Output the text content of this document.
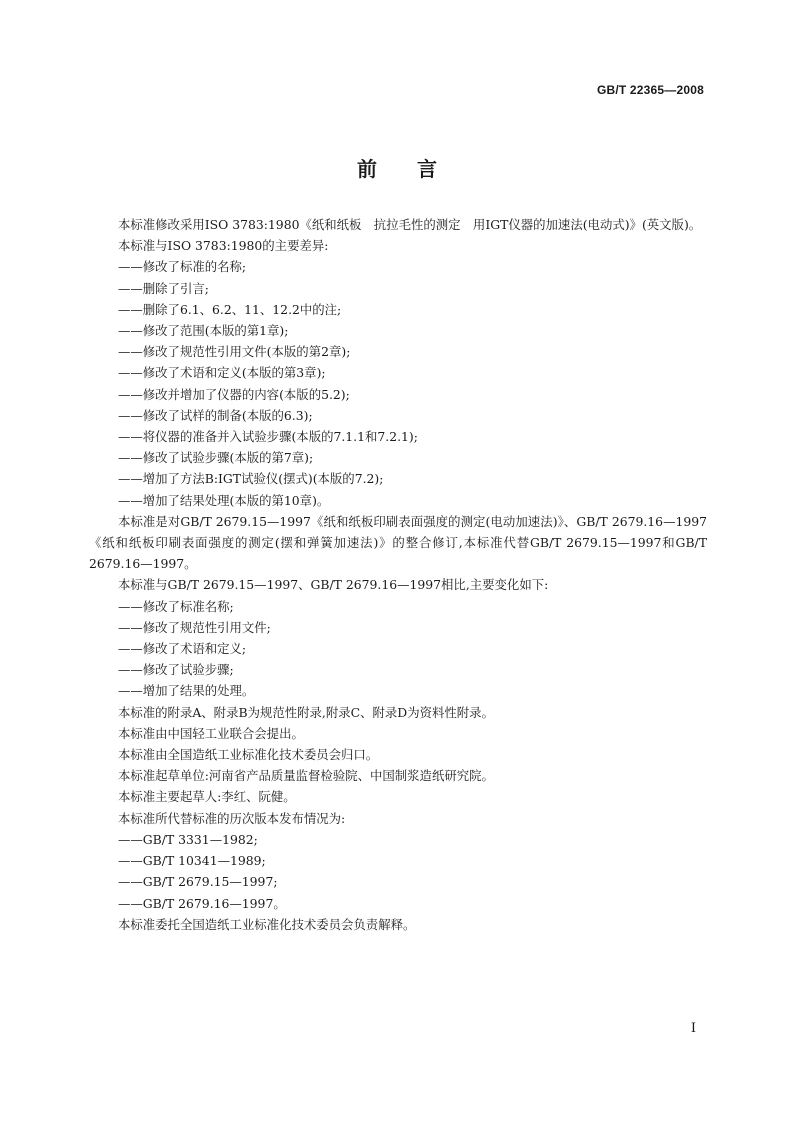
GB/T 22365—2008
前 言
本标准修改采用ISO 3783:1980《纸和纸板　抗拉毛性的测定　用IGT仪器的加速法(电动式)》(英文版)。
本标准与ISO 3783:1980的主要差异:
——修改了标准的名称;
——删除了引言;
——删除了6.1、6.2、11、12.2中的注;
——修改了范围(本版的第1章);
——修改了规范性引用文件(本版的第2章);
——修改了术语和定义(本版的第3章);
——修改并增加了仪器的内容(本版的5.2);
——修改了试样的制备(本版的6.3);
——将仪器的准备并入试验步骤(本版的7.1.1和7.2.1);
——修改了试验步骤(本版的第7章);
——增加了方法B:IGT试验仪(摆式)(本版的7.2);
——增加了结果处理(本版的第10章)。
本标准是对GB/T 2679.15—1997《纸和纸板印刷表面强度的测定(电动加速法)》、GB/T 2679.16—1997《纸和纸板印刷表面强度的测定(摆和弹簧加速法)》的整合修订,本标准代替GB/T 2679.15—1997和GB/T 2679.16—1997。
本标准与GB/T 2679.15—1997、GB/T 2679.16—1997相比,主要变化如下:
——修改了标准名称;
——修改了规范性引用文件;
——修改了术语和定义;
——修改了试验步骤;
——增加了结果的处理。
本标准的附录A、附录B为规范性附录,附录C、附录D为资料性附录。
本标准由中国轻工业联合会提出。
本标准由全国造纸工业标准化技术委员会归口。
本标准起草单位:河南省产品质量监督检验院、中国制浆造纸研究院。
本标准主要起草人:李红、阮健。
本标准所代替标准的历次版本发布情况为:
——GB/T 3331—1982;
——GB/T 10341—1989;
——GB/T 2679.15—1997;
——GB/T 2679.16—1997。
本标准委托全国造纸工业标准化技术委员会负责解释。
I
